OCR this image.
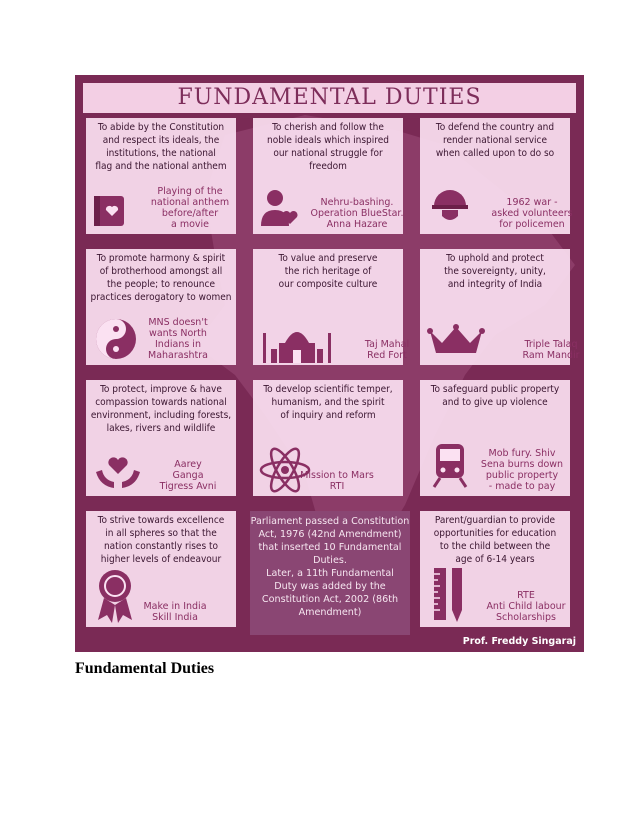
FUNDAMENTAL DUTIES
To abide by the Constitution
and respect its ideals, the
institutions, the national
flag and the national anthem
Playing of the
national anthem
before/after
a movie
To cherish and follow the
noble ideals which inspired
our national struggle for
freedom
Nehru-bashing.
Operation BlueStar.
Anna Hazare
To defend the country and
render national service
when called upon to do so
1962 war -
asked volunteers
for policemen
To promote harmony & spirit
of brotherhood amongst all
the people; to renounce
practices derogatory to women
MNS doesn't
wants North
Indians in
Maharashtra
To value and preserve
the rich heritage of
our composite culture
Taj Mahal
Red Fort
To uphold and protect
the sovereignty, unity,
and integrity of India
Triple Talaq
Ram Mandir
To protect, improve & have
compassion towards national
environment, including forests,
lakes, rivers and wildlife
Aarey
Ganga
Tigress Avni
To develop scientific temper,
humanism, and the spirit
of inquiry and reform
Mission to Mars
RTI
To safeguard public property
and to give up violence
Mob fury. Shiv
Sena burns down
public property
- made to pay
To strive towards excellence
in all spheres so that the
nation constantly rises to
higher levels of endeavour
Make in India
Skill India
Parent/guardian to provide
opportunities for education
to the child between the
age of 6-14 years
RTE
Anti Child labour
Scholarships
Parliament passed a Constitution
Act, 1976 (42nd Amendment)
that inserted 10 Fundamental
Duties.
Later, a 11th Fundamental
Duty was added by the
Constitution Act, 2002 (86th
Amendment)
Prof. Freddy Singaraj
Fundamental Duties
